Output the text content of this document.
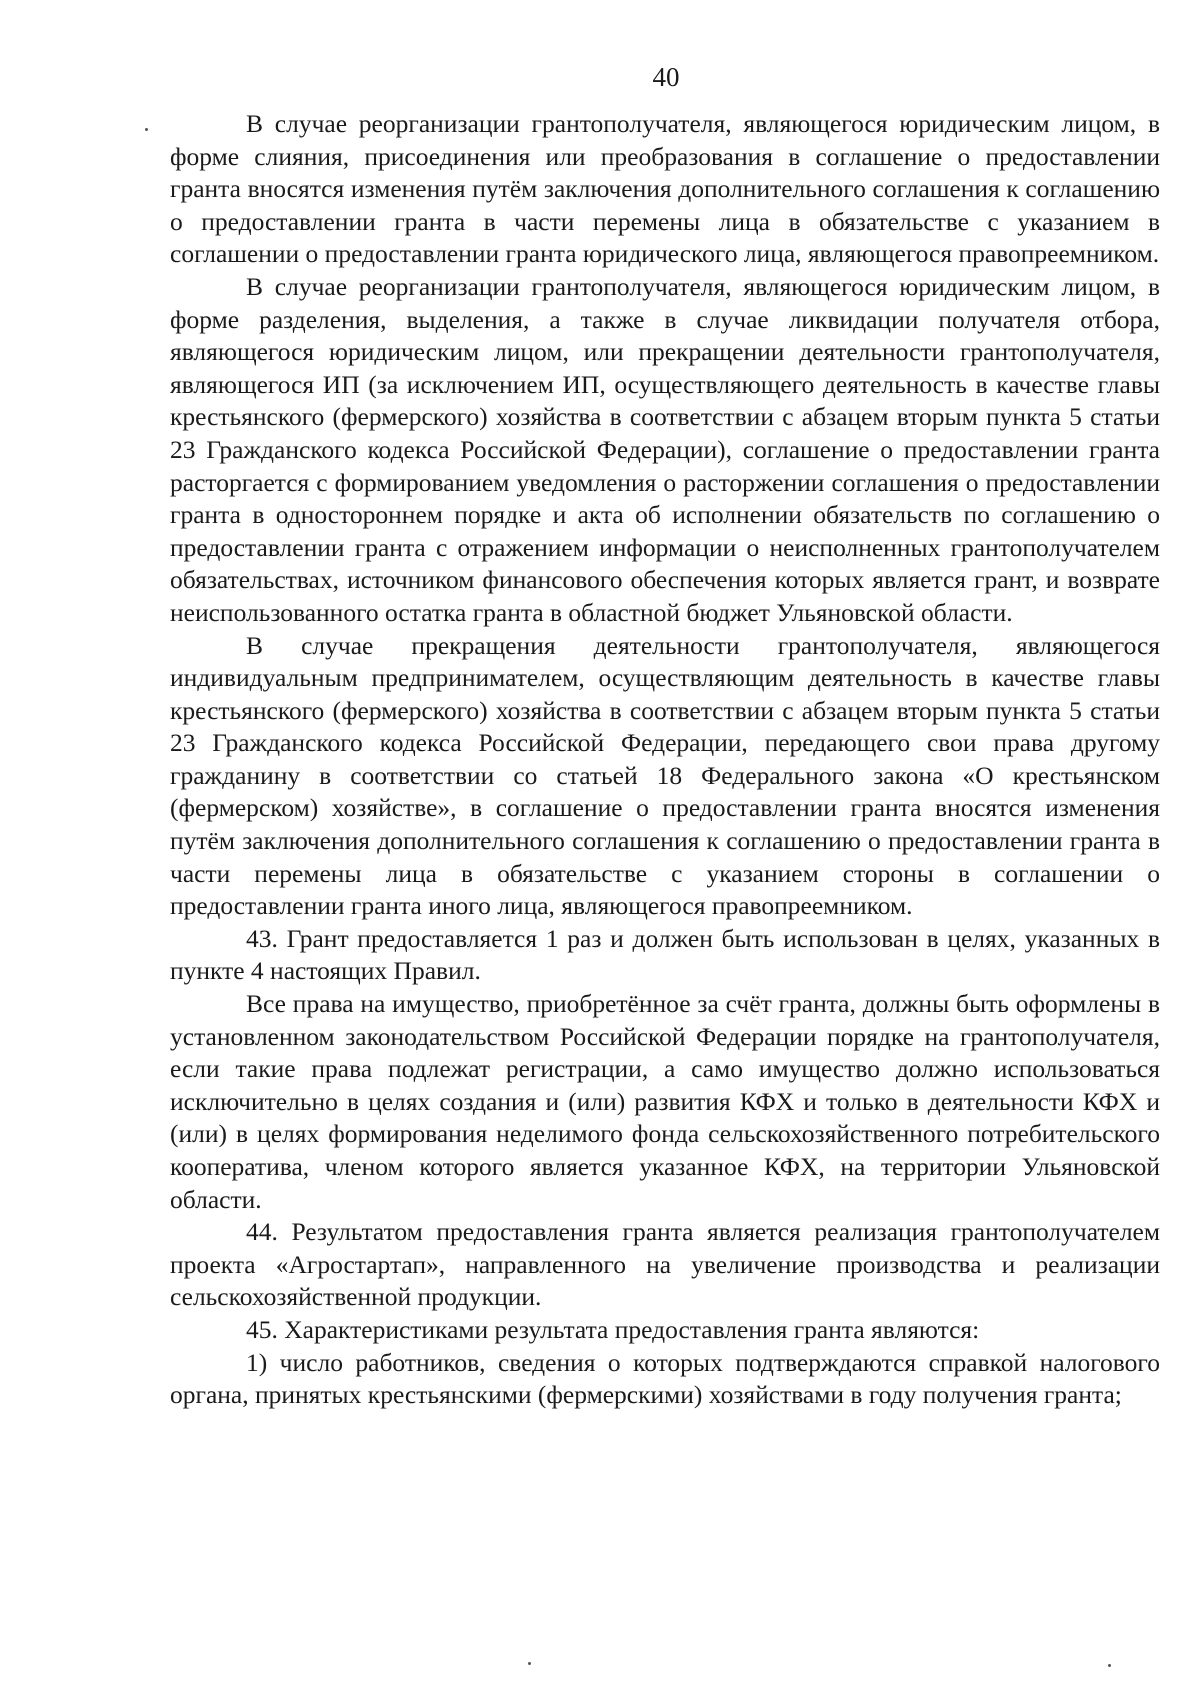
40

В случае реорганизации грантополучателя, являющегося юридическим лицом, в форме слияния, присоединения или преобразования в соглашение о предоставлении гранта вносятся изменения путём заключения дополнительного соглашения к соглашению о предоставлении гранта в части перемены лица в обязательстве с указанием в соглашении о предоставлении гранта юридического лица, являющегося правопреемником.

В случае реорганизации грантополучателя, являющегося юридическим лицом, в форме разделения, выделения, а также в случае ликвидации получателя отбора, являющегося юридическим лицом, или прекращении деятельности грантополучателя, являющегося ИП (за исключением ИП, осуществляющего деятельность в качестве главы крестьянского (фермерского) хозяйства в соответствии с абзацем вторым пункта 5 статьи 23 Гражданского кодекса Российской Федерации), соглашение о предоставлении гранта расторгается с формированием уведомления о расторжении соглашения о предоставлении гранта в одностороннем порядке и акта об исполнении обязательств по соглашению о предоставлении гранта с отражением информации о неисполненных грантополучателем обязательствах, источником финансового обеспечения которых является грант, и возврате неиспользованного остатка гранта в областной бюджет Ульяновской области.

В случае прекращения деятельности грантополучателя, являющегося индивидуальным предпринимателем, осуществляющим деятельность в качестве главы крестьянского (фермерского) хозяйства в соответствии с абзацем вторым пункта 5 статьи 23 Гражданского кодекса Российской Федерации, передающего свои права другому гражданину в соответствии со статьей 18 Федерального закона «О крестьянском (фермерском) хозяйстве», в соглашение о предоставлении гранта вносятся изменения путём заключения дополнительного соглашения к соглашению о предоставлении гранта в части перемены лица в обязательстве с указанием стороны в соглашении о предоставлении гранта иного лица, являющегося правопреемником.

43. Грант предоставляется 1 раз и должен быть использован в целях, указанных в пункте 4 настоящих Правил.

Все права на имущество, приобретённое за счёт гранта, должны быть оформлены в установленном законодательством Российской Федерации порядке на грантополучателя, если такие права подлежат регистрации, а само имущество должно использоваться исключительно в целях создания и (или) развития КФХ и только в деятельности КФХ и (или) в целях формирования неделимого фонда сельскохозяйственного потребительского кооператива, членом которого является указанное КФХ, на территории Ульяновской области.

44. Результатом предоставления гранта является реализация грантополучателем проекта «Агростартап», направленного на увеличение производства и реализации сельскохозяйственной продукции.

45. Характеристиками результата предоставления гранта являются:

1) число работников, сведения о которых подтверждаются справкой налогового органа, принятых крестьянскими (фермерскими) хозяйствами в году получения гранта;
